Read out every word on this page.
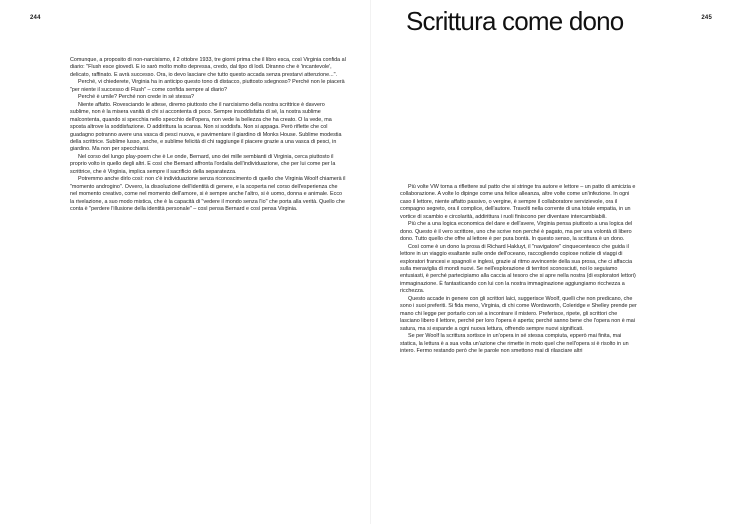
244

Comunque, a proposito di non-narcisismo, il 2 ottobre 1933, tre giorni prima che il libro esca, così Virginia confida al diario: "Flush esce giovedì. E io sarò molto molto depressa, credo, dal tipo di lodi. Diranno che è 'incantevole', delicato, raffinato. E avrà successo. Ora, io devo lasciare che tutto questo accada senza prestarvi attenzione...".

Perché, vi chiederete, Virginia ha in anticipo questo tono di distacco, piuttosto sdegnoso? Perché non le piacerà "per niente il successo di Flush" – come confida sempre al diario?

Perché è umile? Perché non crede in sé stessa?

Niente affatto. Rovesciando le attese, diremo piuttosto che il narcisismo della nostra scrittrice è davvero sublime, non è la misera vanità di chi si accontenta di poco. Sempre insoddisfatta di sé, la nostra sublime malcontenta, quando si specchia nello specchio dell'opera, non vede la bellezza che ha creato. O la vede, ma sposta altrove la soddisfazione. O addirittura la scansa. Non si soddisfa. Non si appaga. Però riflette che col guadagno potranno avere una vasca di pesci nuova, e pavimentare il giardino di Monks House. Sublime modestia della scrittrice. Sublime lusso, anche, e sublime felicità di chi raggiunge il piacere grazie a una vasca di pesci, in giardino. Ma non per specchiarsi.

Nel corso del lungo play-poem che è Le onde, Bernard, uno dei mille sembianti di Virginia, cerca piuttosto il proprio volto in quello degli altri. E così che Bernard affronta l'ordalia dell'individuazione, che per lui come per la scrittrice, che è Virginia, implica sempre il sacrificio della separatezza.

Potremmo anche dirlo così: non c'è individuazione senza riconoscimento di quello che Virginia Woolf chiamerà il "momento androgino". Ovvero, la dissoluzione dell'identità di genere, e la scoperta nel corso dell'esperienza che nel momento creativo, come nel momento dell'amore, si è sempre anche l'altro, si è uomo, donna e animale. Ecco la rivelazione, a suo modo mistica, che è la capacità di "vedere il mondo senza l'io" che porta alla verità. Quello che conta è "perdere l'illusione della identità personale" – così pensa Bernard e così pensa Virginia.

Scrittura come dono	245

Più volte VW torna a riflettere sul patto che si stringe tra autore e lettore – un patto di amicizia e collaborazione. A volte lo dipinge come una felice alleanza, altre volte come un'infezione. In ogni caso il lettore, niente affatto passivo, o vergine, è sempre il collaboratore servizievole, ora il compagno segreto, ora il complice, dell'autore. Travolti nella corrente di una totale empatia, in un vortice di scambio e circolarità, addirittura i ruoli finiscono per diventare intercambiabili.

Più che a una logica economica del dare e dell'avere, Virginia pensa piuttosto a una logica del dono. Questo è il vero scrittore, uno che scrive non perché è pagato, ma per una volontà di libero dono. Tutto quello che offre al lettore è per pura bontà. In questo senso, la scrittura è un dono.

Così come è un dono la prosa di Richard Hakluyt, il "navigatore" cinquecentesco che guida il lettore in un viaggio esaltante sulle onde dell'oceano, raccogliendo copiose notizie di viaggi di esploratori francesi e spagnoli e inglesi, grazie al ritmo avvincente della sua prosa, che ci affaccia sulla meraviglia di mondi nuovi. Se nell'esplorazione di territori sconosciuti, noi lo seguiamo entusiasti, è perché partecipiamo alla caccia al tesoro che si apre nella nostra (di esploratori lettori) immaginazione. È fantasticando con lui con la nostra immaginazione aggiungiamo ricchezza a ricchezza.

Questo accade in genere con gli scrittori laici, suggerisce Woolf, quelli che non predicano, che sono i suoi preferiti. Si fida meno, Virginia, di chi come Wordsworth, Coleridge e Shelley prende per mano chi legge per portarlo con sé a incontrare il mistero. Preferisce, ripete, gli scrittori che lasciano libero il lettore, perché per loro l'opera è aperta; perché sanno bene che l'opera non è mai satura, ma si espande a ogni nuova lettura, offrendo sempre nuovi significati.

Se per Woolf la scrittura sortisce in un'opera in sé stessa compiuta, epperò mai finita, mai statica, la lettura è a sua volta un'azione che rimette in moto quel che nell'opera si è risolto in un intero. Fermo restando però che le parole non smettono mai di rilasciare altri
